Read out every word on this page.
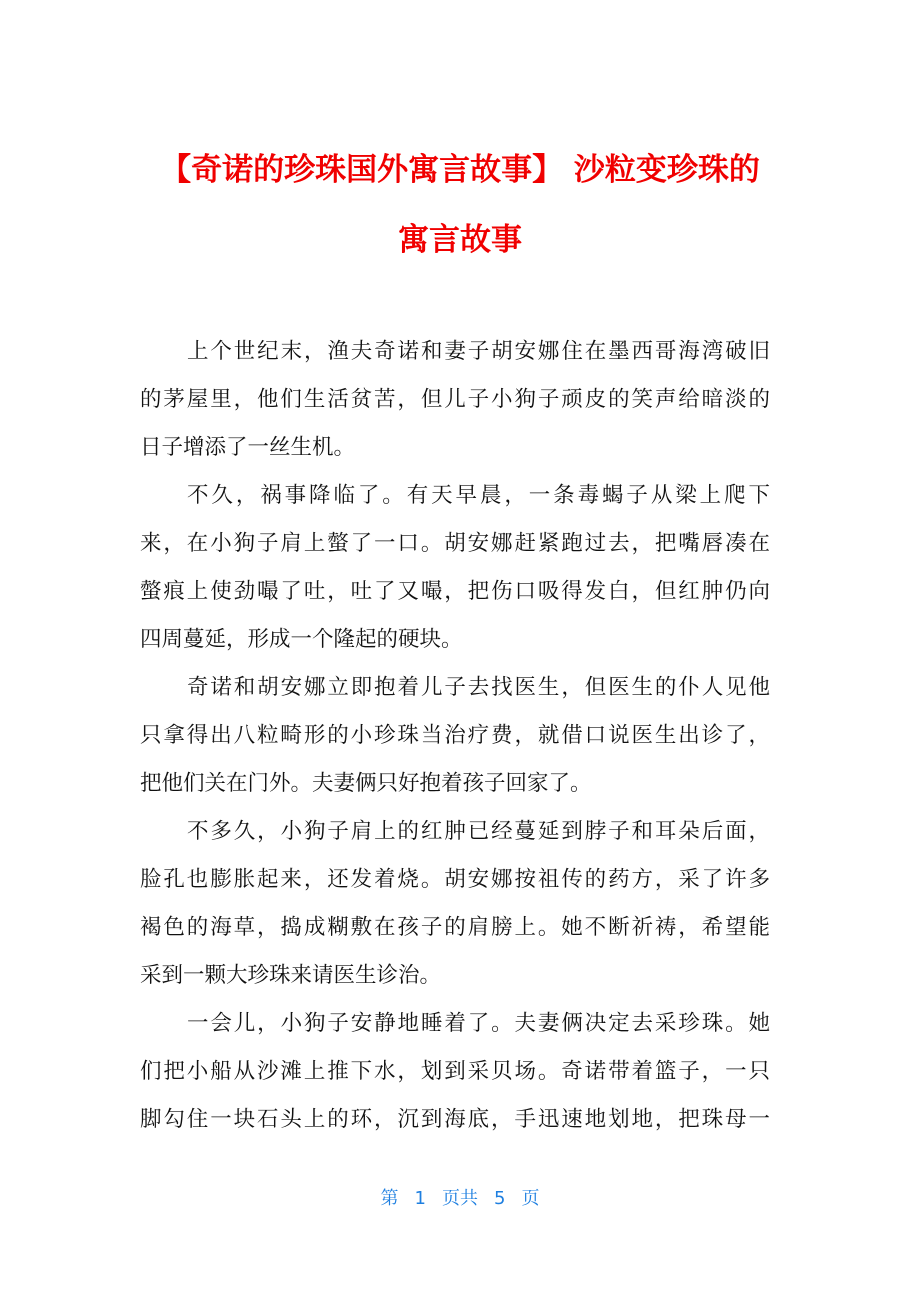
【奇诺的珍珠国外寓言故事】 沙粒变珍珠的
寓言故事
上个世纪末，渔夫奇诺和妻子胡安娜住在墨西哥海湾破旧
的茅屋里，他们生活贫苦，但儿子小狗子顽皮的笑声给暗淡的
日子增添了一丝生机。
不久，祸事降临了。有天早晨，一条毒蝎子从梁上爬下
来，在小狗子肩上螫了一口。胡安娜赶紧跑过去，把嘴唇凑在
螫痕上使劲嘬了吐，吐了又嘬，把伤口吸得发白，但红肿仍向
四周蔓延，形成一个隆起的硬块。
奇诺和胡安娜立即抱着儿子去找医生，但医生的仆人见他
只拿得出八粒畸形的小珍珠当治疗费，就借口说医生出诊了，
把他们关在门外。夫妻俩只好抱着孩子回家了。
不多久，小狗子肩上的红肿已经蔓延到脖子和耳朵后面，
脸孔也膨胀起来，还发着烧。胡安娜按祖传的药方，采了许多
褐色的海草，捣成糊敷在孩子的肩膀上。她不断祈祷，希望能
采到一颗大珍珠来请医生诊治。
一会儿，小狗子安静地睡着了。夫妻俩决定去采珍珠。她
们把小船从沙滩上推下水，划到采贝场。奇诺带着篮子，一只
脚勾住一块石头上的环，沉到海底，手迅速地划地，把珠母一
第 1 页共 5 页
